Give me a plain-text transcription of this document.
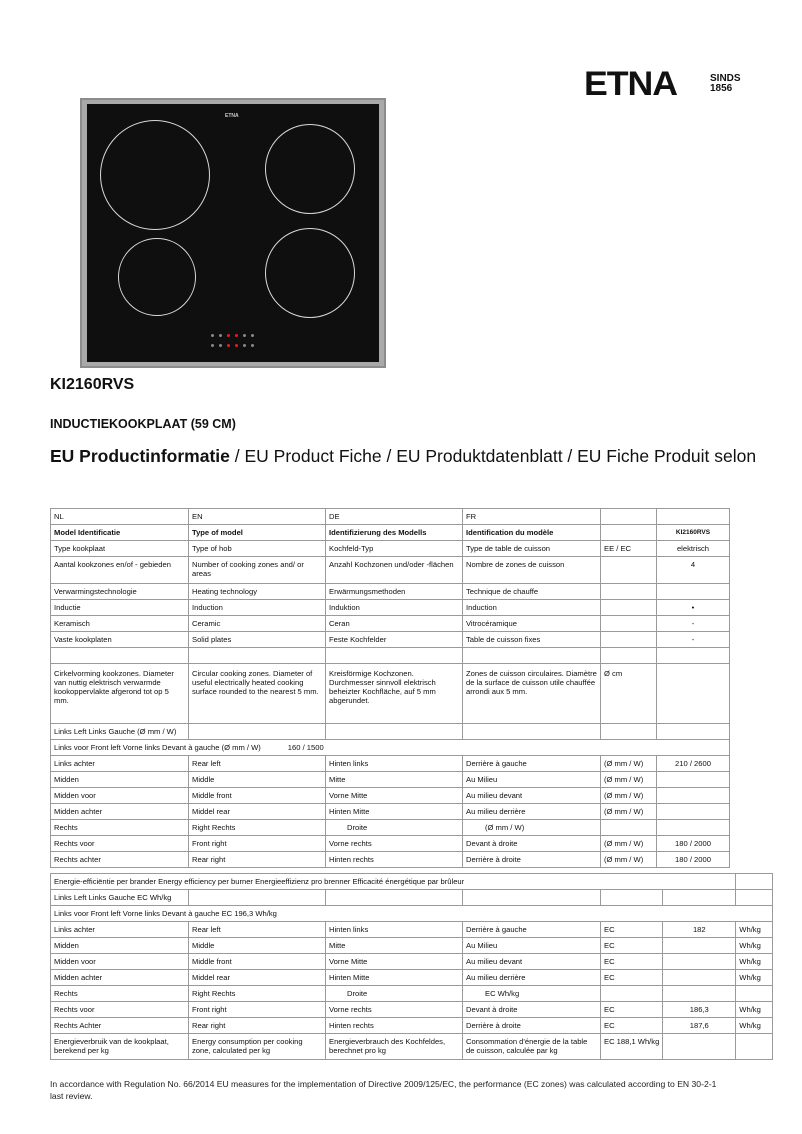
ETNA	SINDS
1856
ETNA
KI2160RVS
INDUCTIEKOOKPLAAT (59 CM)
EU Productinformatie / EU Product Fiche / EU Produktdatenblatt / EU Fiche Produit selon
NL	EN	DE	FR		
Model Identificatie	Type of model	Identifizierung des Modells	Identification du modèle		KI2160RVS
Type kookplaat	Type of hob	Kochfeld-Typ	Type de table de cuisson	EE / EC	elektrisch
Aantal kookzones en/of - gebieden	Number of cooking zones and/ or areas	Anzahl Kochzonen und/oder -flächen	Nombre de zones de cuisson		4
Verwarmingstechnologie	Heating technology	Erwärmungsmethoden	Technique de chauffe		
Inductie	Induction	Induktion	Induction		•
Keramisch	Ceramic	Ceran	Vitrocéramique		-
Vaste kookplaten	Solid plates	Feste Kochfelder	Table de cuisson fixes		-

Cirkelvorming kookzones. Diameter van nuttig elektrisch verwarmde kookoppervlakte afgerond tot op 5 mm.	Circular cooking zones. Diameter of useful electrically heated cooking surface rounded to the nearest 5 mm.	Kreisförmige Kochzonen. Durchmesser sinnvoll elektrisch beheizter Kochfläche, auf 5 mm abgerundet.	Zones de cuisson circulaires. Diamètre de la surface de cuisson utile chauffée arrondi aux 5 mm.	Ø cm	
Links Left Links Gauche (Ø mm / W)					
Links voor Front left Vorne links Devant à gauche (Ø mm / W) 160 / 1500					
Links achter	Rear left	Hinten links	Derrière à gauche	(Ø mm / W)	210 / 2600
Midden	Middle	Mitte	Au Milieu	(Ø mm / W)	
Midden voor	Middle front	Vorne Mitte	Au milieu devant	(Ø mm / W)	
Midden achter	Middel rear	Hinten Mitte	Au milieu derrière	(Ø mm / W)	
Rechts	Right Rechts	Droite	(Ø mm / W)		
Rechts voor	Front right	Vorne rechts	Devant à droite	(Ø mm / W)	180 / 2000
Rechts achter	Rear right	Hinten rechts	Derrière à droite	(Ø mm / W)	180 / 2000
Energie-efficiëntie per brander Energy efficiency per burner Energieeffizienz pro brenner Efficacité énergétique par brûleur						
Links Left Links Gauche EC Wh/kg						
Links voor Front left Vorne links Devant à gauche EC 196,3 Wh/kg						
Links achter	Rear left	Hinten links	Derrière à gauche	EC	182	Wh/kg
Midden	Middle	Mitte	Au Milieu	EC		Wh/kg
Midden voor	Middle front	Vorne Mitte	Au milieu devant	EC		Wh/kg
Midden achter	Middel rear	Hinten Mitte	Au milieu derrière	EC		Wh/kg
Rechts	Right Rechts	Droite	EC Wh/kg			
Rechts voor	Front right	Vorne rechts	Devant à droite	EC	186,3	Wh/kg
Rechts Achter	Rear right	Hinten rechts	Derrière à droite	EC	187,6	Wh/kg
Energieverbruik van de kookplaat, berekend per kg	Energy consumption per cooking zone, calculated per kg	Energieverbrauch des Kochfeldes, berechnet pro kg	Consommation d'énergie de la table de cuisson, calculée par kg	EC 188,1 Wh/kg		
In accordance with Regulation No. 66/2014 EU measures for the implementation of Directive 2009/125/EC, the performance (EC zones) was calculated according to EN 30-2-1 last review.
